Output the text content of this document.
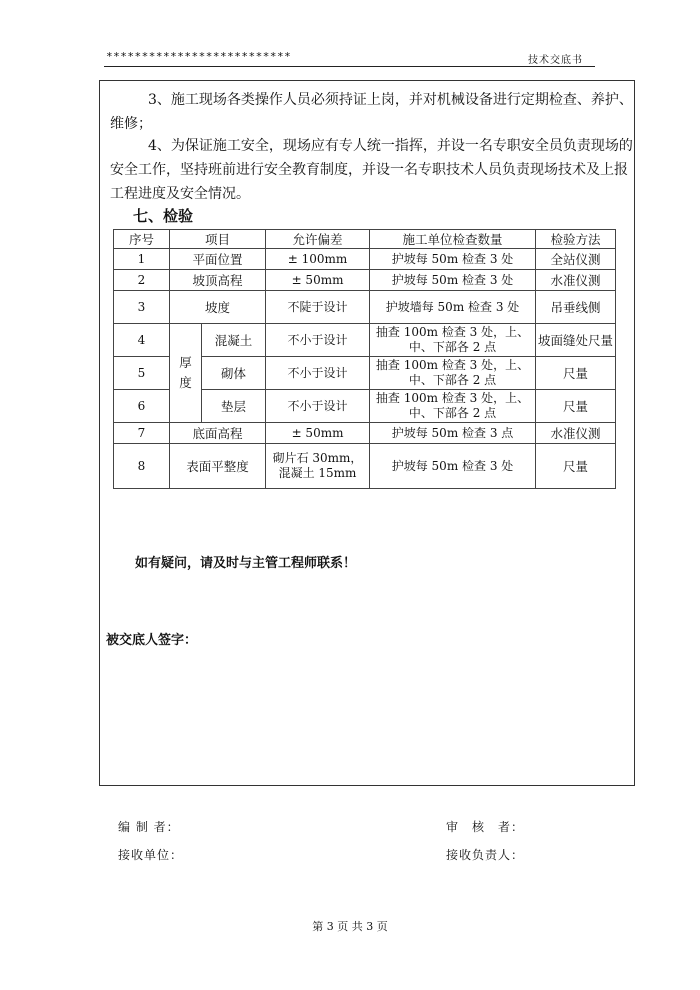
**************************	技术交底书

3、施工现场各类操作人员必须持证上岗，并对机械设备进行定期检查、养护、维修；

4、为保证施工安全，现场应有专人统一指挥，并设一名专职安全员负责现场的安全工作，坚持班前进行安全教育制度，并设一名专职技术人员负责现场技术及上报工程进度及安全情况。

七、检验
序号	项目		允许偏差	施工单位检查数量	检验方法
1	平面位置		± 100mm	护坡每 50m 检查 3 处	全站仪测
2	坡顶高程		± 50mm	护坡每 50m 检查 3 处	水准仪测
3	坡度		不陡于设计	护坡墙每 50m 检查 3 处	吊垂线侧
4	厚度	混凝土	不小于设计	抽查 100m 检查 3 处，上、中、下部各 2 点	坡面缝处尺量
5		砌体	不小于设计	抽查 100m 检查 3 处，上、中、下部各 2 点	尺量
6		垫层	不小于设计	抽查 100m 检查 3 处，上、中、下部各 2 点	尺量
7	底面高程		± 50mm	护坡每 50m 检查 3 点	水准仪测
8	表面平整度		砌片石 30mm，混凝土 15mm	护坡每 50m 检查 3 处	尺量
如有疑问，请及时与主管工程师联系！
被交底人签字：
编 制 者：	审　核　者：
接收单位：	接收负责人：
第 3 页 共 3 页
